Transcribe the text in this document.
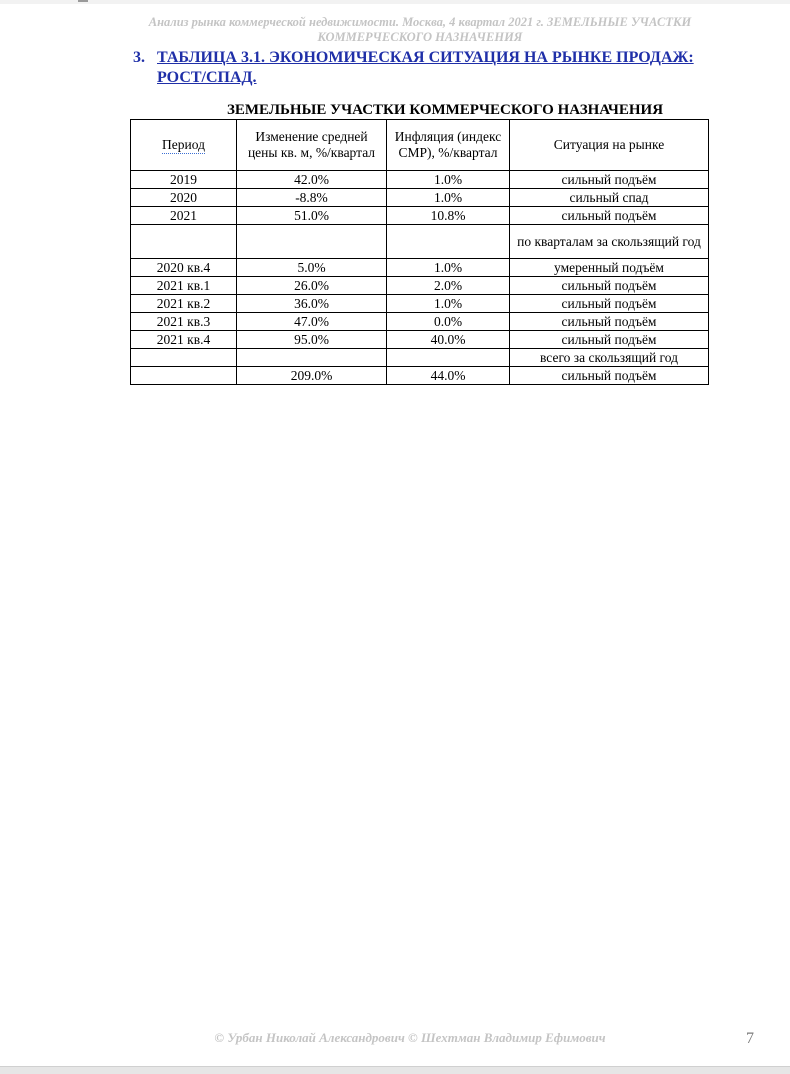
Анализ рынка коммерческой недвижимости. Москва, 4 квартал 2021 г. ЗЕМЕЛЬНЫЕ УЧАСТКИ
КОММЕРЧЕСКОГО НАЗНАЧЕНИЯ
3. ТАБЛИЦА 3.1. ЭКОНОМИЧЕСКАЯ СИТУАЦИЯ НА РЫНКЕ ПРОДАЖ: РОСТ/СПАД.
ЗЕМЕЛЬНЫЕ УЧАСТКИ КОММЕРЧЕСКОГО НАЗНАЧЕНИЯ
Период	Изменение средней цены кв. м, %/квартал	Инфляция (индекс СМР), %/квартал	Ситуация на рынке
2019	42.0%	1.0%	сильный подъём
2020	-8.8%	1.0%	сильный спад
2021	51.0%	10.8%	сильный подъём
			по кварталам за скользящий год
2020 кв.4	5.0%	1.0%	умеренный подъём
2021 кв.1	26.0%	2.0%	сильный подъём
2021 кв.2	36.0%	1.0%	сильный подъём
2021 кв.3	47.0%	0.0%	сильный подъём
2021 кв.4	95.0%	40.0%	сильный подъём
			всего за скользящий год
	209.0%	44.0%	сильный подъём
© Урбан Николай Александрович © Шехтман Владимир Ефимович	7
